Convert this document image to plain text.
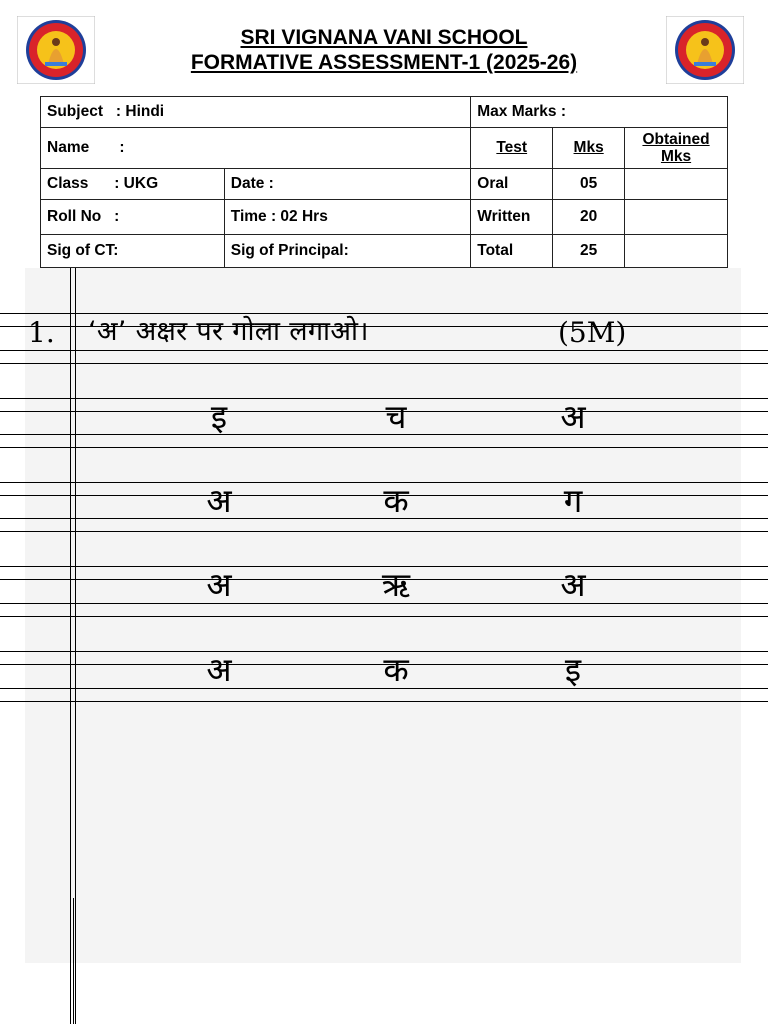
SRI VIGNANA VANI SCHOOL
FORMATIVE ASSESSMENT-1 (2025-26)
Subject : Hindi		Max Marks :		
Name :		Test	Mks	Obtained
Mks
Class : UKG	Date :	Oral	05	
Roll No :	Time : 02 Hrs	Written	20	
Sig of CT:	Sig of Principal:	Total	25	
1. ‘अ’ अक्षर पर गोला लगाओ।	(5M)
इ	च	अ
अ	क	ग
अ	ऋ	अ
अ	क	इ
